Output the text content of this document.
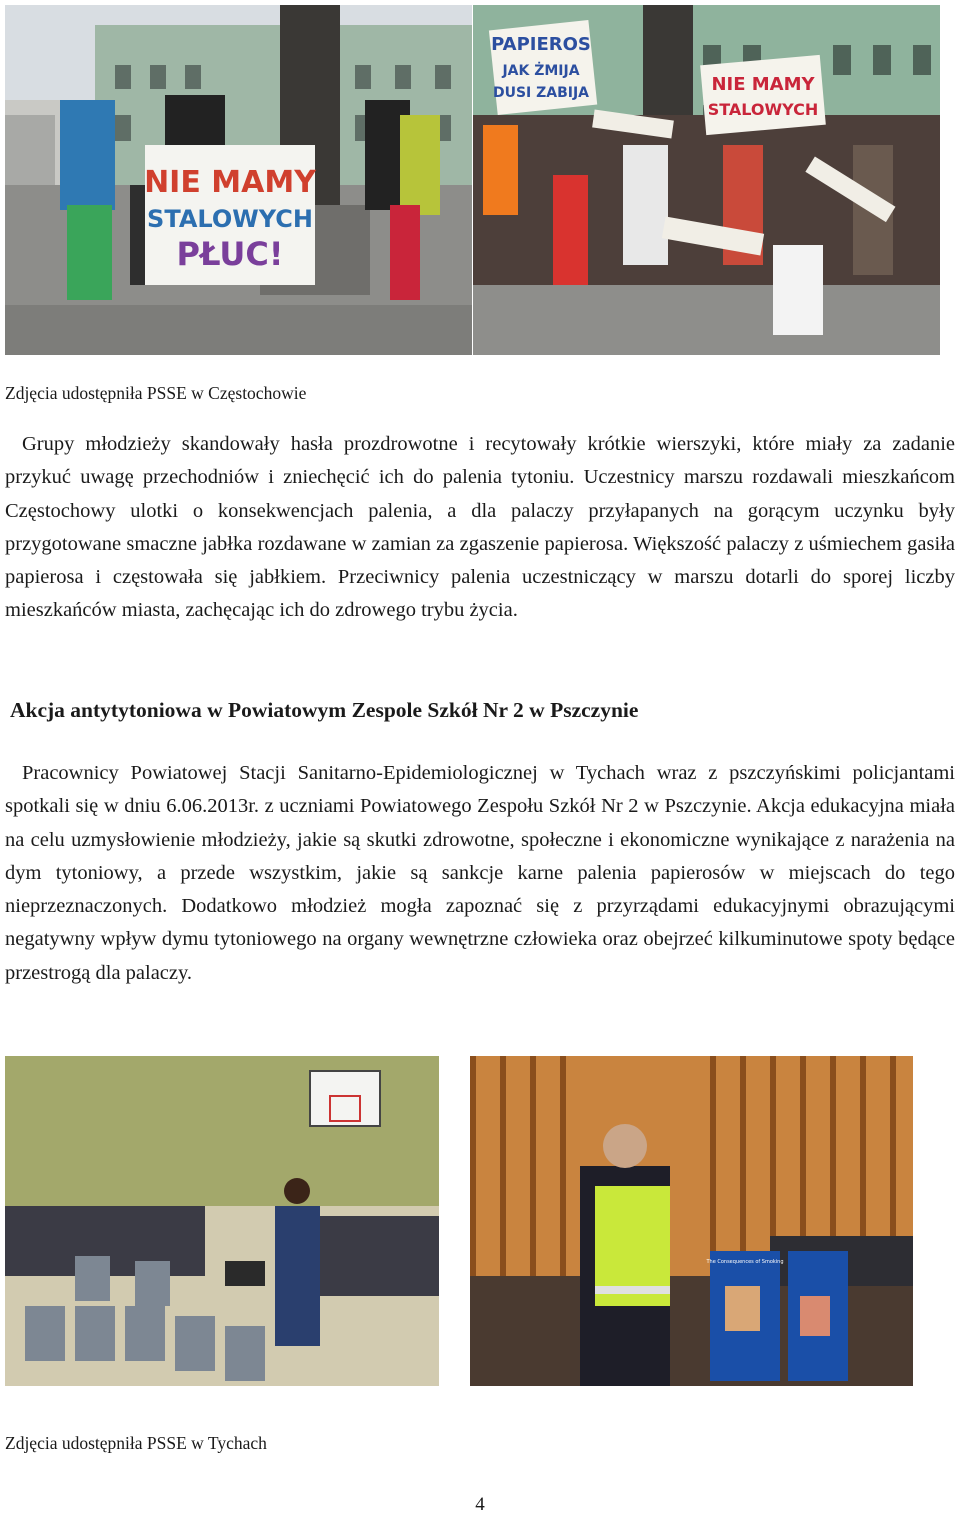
NIE MAMY
STALOWYCH
PŁUC!
PAPIEROS
JAK ŻMIJA
DUSI ZABIJA	NIE MAMY
STALOWYCH
Zdjęcia udostępniła PSSE w Częstochowie
Grupy młodzieży skandowały hasła prozdrowotne i recytowały krótkie wierszyki, które miały za zadanie przykuć uwagę przechodniów i zniechęcić ich do palenia tytoniu. Uczestnicy marszu rozdawali mieszkańcom Częstochowy ulotki o konsekwencjach palenia, a dla palaczy przyłapanych na gorącym uczynku były przygotowane smaczne jabłka rozdawane w zamian za zgaszenie papierosa. Większość palaczy z uśmiechem gasiła papierosa i częstowała się jabłkiem. Przeciwnicy palenia uczestniczący w marszu dotarli do sporej liczby mieszkańców miasta, zachęcając ich do zdrowego trybu życia.
Akcja antytytoniowa w Powiatowym Zespole Szkół Nr 2 w Pszczynie
Pracownicy Powiatowej Stacji Sanitarno-Epidemiologicznej w Tychach wraz z pszczyńskimi policjantami spotkali się w dniu 6.06.2013r. z uczniami Powiatowego Zespołu Szkół Nr 2 w Pszczynie. Akcja edukacyjna miała na celu uzmysłowienie młodzieży, jakie są skutki zdrowotne, społeczne i ekonomiczne wynikające z narażenia na dym tytoniowy, a przede wszystkim, jakie są sankcje karne palenia papierosów w miejscach do tego nieprzeznaczonych. Dodatkowo młodzież mogła zapoznać się z przyrządami edukacyjnymi obrazującymi negatywny wpływ dymu tytoniowego na organy wewnętrzne człowieka oraz obejrzeć kilkuminutowe spoty będące przestrogą dla palaczy.
The Consequences of Smoking
Zdjęcia udostępniła PSSE w Tychach
4
